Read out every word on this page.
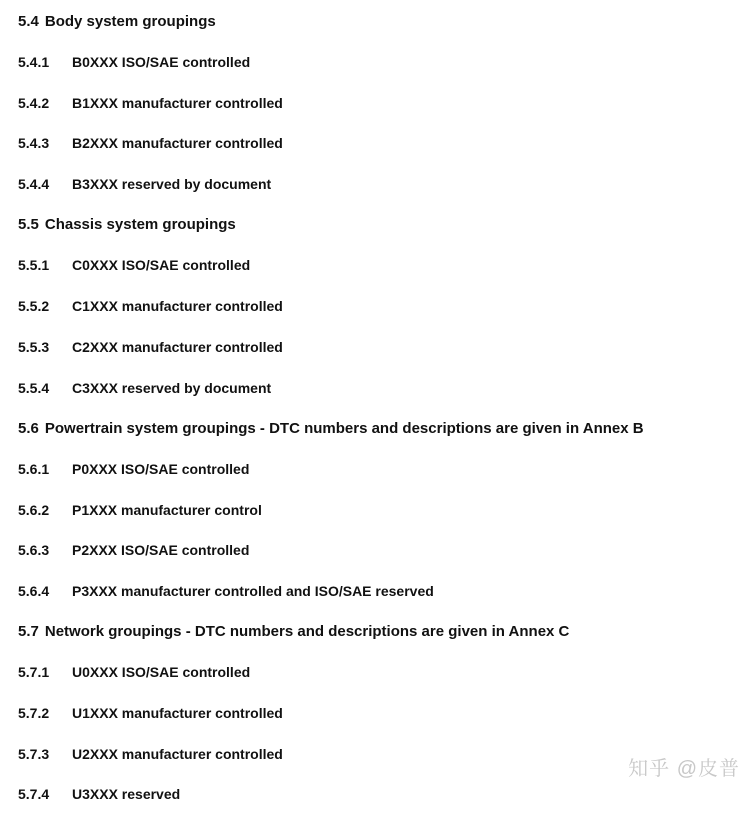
5.4 Body system groupings
5.4.1	B0XXX ISO/SAE controlled
5.4.2	B1XXX manufacturer controlled
5.4.3	B2XXX manufacturer controlled
5.4.4	B3XXX reserved by document
5.5 Chassis system groupings
5.5.1	C0XXX ISO/SAE controlled
5.5.2	C1XXX manufacturer controlled
5.5.3	C2XXX manufacturer controlled
5.5.4	C3XXX reserved by document
5.6 Powertrain system groupings - DTC numbers and descriptions are given in Annex B
5.6.1	P0XXX ISO/SAE controlled
5.6.2	P1XXX manufacturer control
5.6.3	P2XXX ISO/SAE controlled
5.6.4	P3XXX manufacturer controlled and ISO/SAE reserved
5.7 Network groupings - DTC numbers and descriptions are given in Annex C
5.7.1	U0XXX ISO/SAE controlled
5.7.2	U1XXX manufacturer controlled
5.7.3	U2XXX manufacturer controlled
5.7.4	U3XXX reserved
知乎 @皮普
